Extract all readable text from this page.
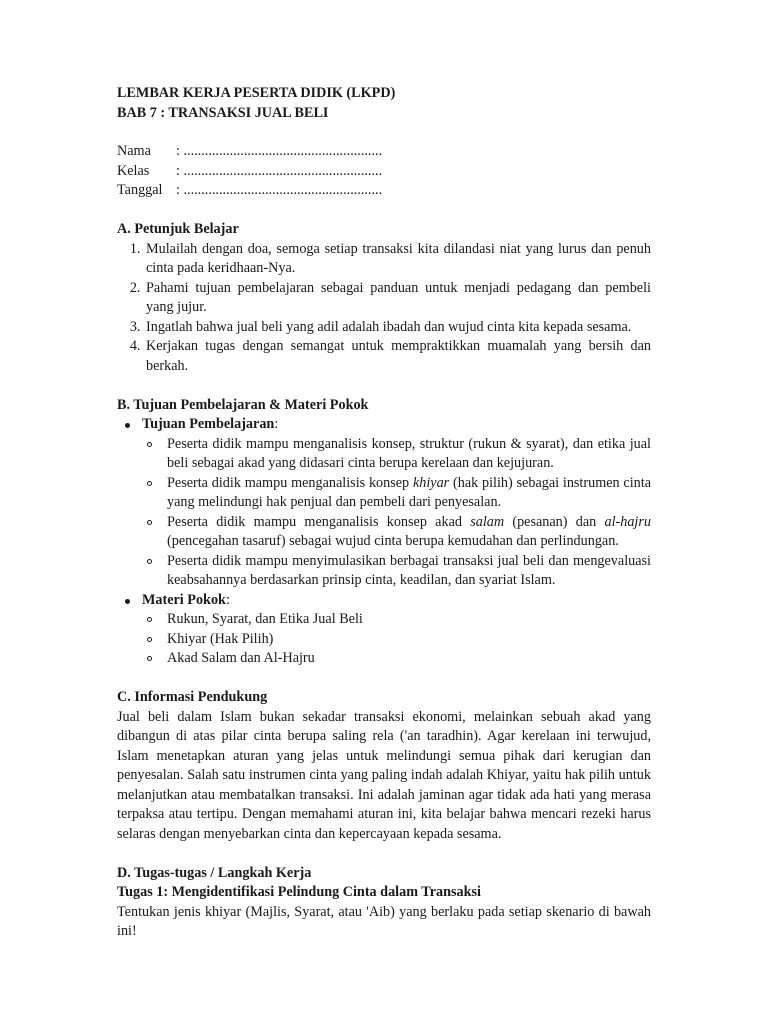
LEMBAR KERJA PESERTA DIDIK (LKPD)
BAB 7 : TRANSAKSI JUAL BELI
Nama	: ........................................................
Kelas	: ........................................................
Tanggal	: ........................................................
A. Petunjuk Belajar
1. Mulailah dengan doa, semoga setiap transaksi kita dilandasi niat yang lurus dan penuh cinta pada keridhaan-Nya.
2. Pahami tujuan pembelajaran sebagai panduan untuk menjadi pedagang dan pembeli yang jujur.
3. Ingatlah bahwa jual beli yang adil adalah ibadah dan wujud cinta kita kepada sesama.
4. Kerjakan tugas dengan semangat untuk mempraktikkan muamalah yang bersih dan berkah.
B. Tujuan Pembelajaran & Materi Pokok
Tujuan Pembelajaran:
Peserta didik mampu menganalisis konsep, struktur (rukun & syarat), dan etika jual beli sebagai akad yang didasari cinta berupa kerelaan dan kejujuran.
Peserta didik mampu menganalisis konsep khiyar (hak pilih) sebagai instrumen cinta yang melindungi hak penjual dan pembeli dari penyesalan.
Peserta didik mampu menganalisis konsep akad salam (pesanan) dan al-hajru (pencegahan tasaruf) sebagai wujud cinta berupa kemudahan dan perlindungan.
Peserta didik mampu menyimulasikan berbagai transaksi jual beli dan mengevaluasi keabsahannya berdasarkan prinsip cinta, keadilan, dan syariat Islam.
Materi Pokok:
Rukun, Syarat, dan Etika Jual Beli
Khiyar (Hak Pilih)
Akad Salam dan Al-Hajru
C. Informasi Pendukung

Jual beli dalam Islam bukan sekadar transaksi ekonomi, melainkan sebuah akad yang dibangun di atas pilar cinta berupa saling rela ('an taradhin). Agar kerelaan ini terwujud, Islam menetapkan aturan yang jelas untuk melindungi semua pihak dari kerugian dan penyesalan. Salah satu instrumen cinta yang paling indah adalah Khiyar, yaitu hak pilih untuk melanjutkan atau membatalkan transaksi. Ini adalah jaminan agar tidak ada hati yang merasa terpaksa atau tertipu. Dengan memahami aturan ini, kita belajar bahwa mencari rezeki harus selaras dengan menyebarkan cinta dan kepercayaan kepada sesama.

D. Tugas-tugas / Langkah Kerja
Tugas 1: Mengidentifikasi Pelindung Cinta dalam Transaksi

Tentukan jenis khiyar (Majlis, Syarat, atau 'Aib) yang berlaku pada setiap skenario di bawah ini!
